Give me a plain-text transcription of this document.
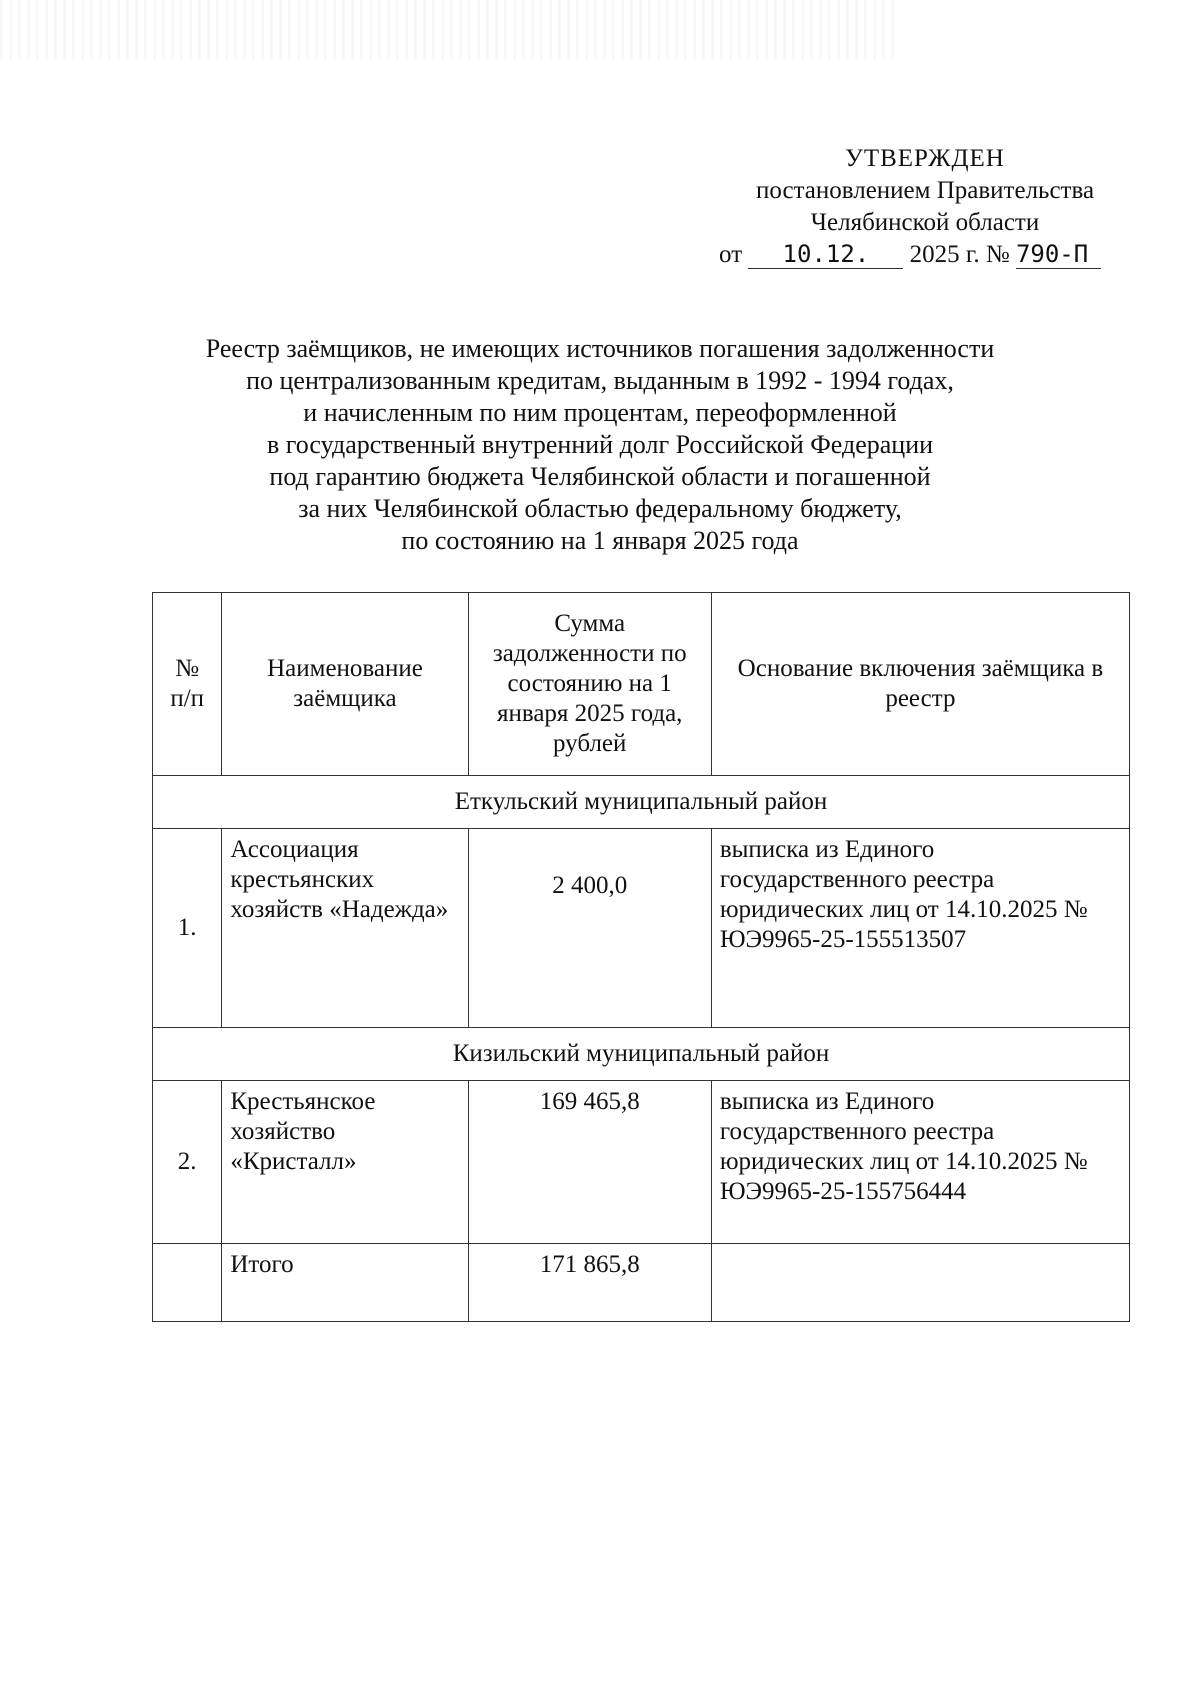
УТВЕРЖДЕН
постановлением Правительства
Челябинской области
от 10.12. 2025 г. № 790-П
Реестр заёмщиков, не имеющих источников погашения задолженности
по централизованным кредитам, выданным в 1992 - 1994 годах,
и начисленным по ним процентам, переоформленной
в государственный внутренний долг Российской Федерации
под гарантию бюджета Челябинской области и погашенной
за них Челябинской областью федеральному бюджету,
по состоянию на 1 января 2025 года
№
п/п	Наименование заёмщика	Сумма задолженности по состоянию на 1 января 2025 года, рублей	Основание включения заёмщика в реестр
Еткульский муниципальный район			
1.	Ассоциация крестьянских хозяйств «Надежда»	2 400,0	выписка из Единого государственного реестра юридических лиц от 14.10.2025 № ЮЭ9965-25-155513507
Кизильский муниципальный район			
2.	Крестьянское хозяйство «Кристалл»	169 465,8	выписка из Единого государственного реестра юридических лиц от 14.10.2025 № ЮЭ9965-25-155756444
	Итого	171 865,8	
